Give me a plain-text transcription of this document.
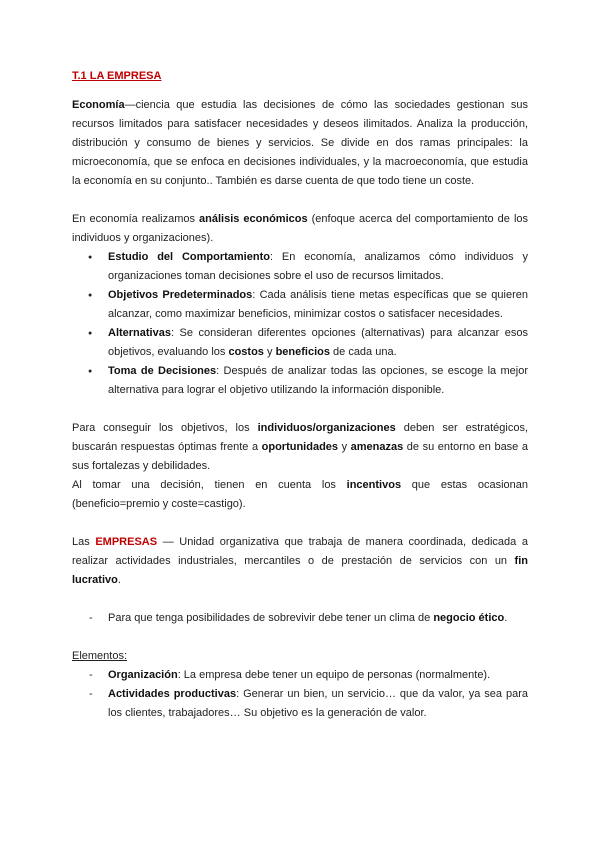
T.1 LA EMPRESA

Economía—ciencia que estudia las decisiones de cómo las sociedades gestionan sus recursos limitados para satisfacer necesidades y deseos ilimitados. Analiza la producción, distribución y consumo de bienes y servicios. Se divide en dos ramas principales: la microeconomía, que se enfoca en decisiones individuales, y la macroeconomía, que estudia la economía en su conjunto.. También es darse cuenta de que todo tiene un coste.

En economía realizamos análisis económicos (enfoque acerca del comportamiento de los individuos y organizaciones).

● Estudio del Comportamiento: En economía, analizamos cómo individuos y organizaciones toman decisiones sobre el uso de recursos limitados.
● Objetivos Predeterminados: Cada análisis tiene metas específicas que se quieren alcanzar, como maximizar beneficios, minimizar costos o satisfacer necesidades.
● Alternativas: Se consideran diferentes opciones (alternativas) para alcanzar esos objetivos, evaluando los costos y beneficios de cada una.
● Toma de Decisiones: Después de analizar todas las opciones, se escoge la mejor alternativa para lograr el objetivo utilizando la información disponible.

Para conseguir los objetivos, los individuos/organizaciones deben ser estratégicos, buscarán respuestas óptimas frente a oportunidades y amenazas de su entorno en base a sus fortalezas y debilidades.

Al tomar una decisión, tienen en cuenta los incentivos que estas ocasionan (beneficio=premio y coste=castigo).

Las EMPRESAS — Unidad organizativa que trabaja de manera coordinada, dedicada a realizar actividades industriales, mercantiles o de prestación de servicios con un fin lucrativo.

- Para que tenga posibilidades de sobrevivir debe tener un clima de negocio ético.

Elementos:

- Organización: La empresa debe tener un equipo de personas (normalmente).
- Actividades productivas: Generar un bien, un servicio… que da valor, ya sea para los clientes, trabajadores… Su objetivo es la generación de valor.
